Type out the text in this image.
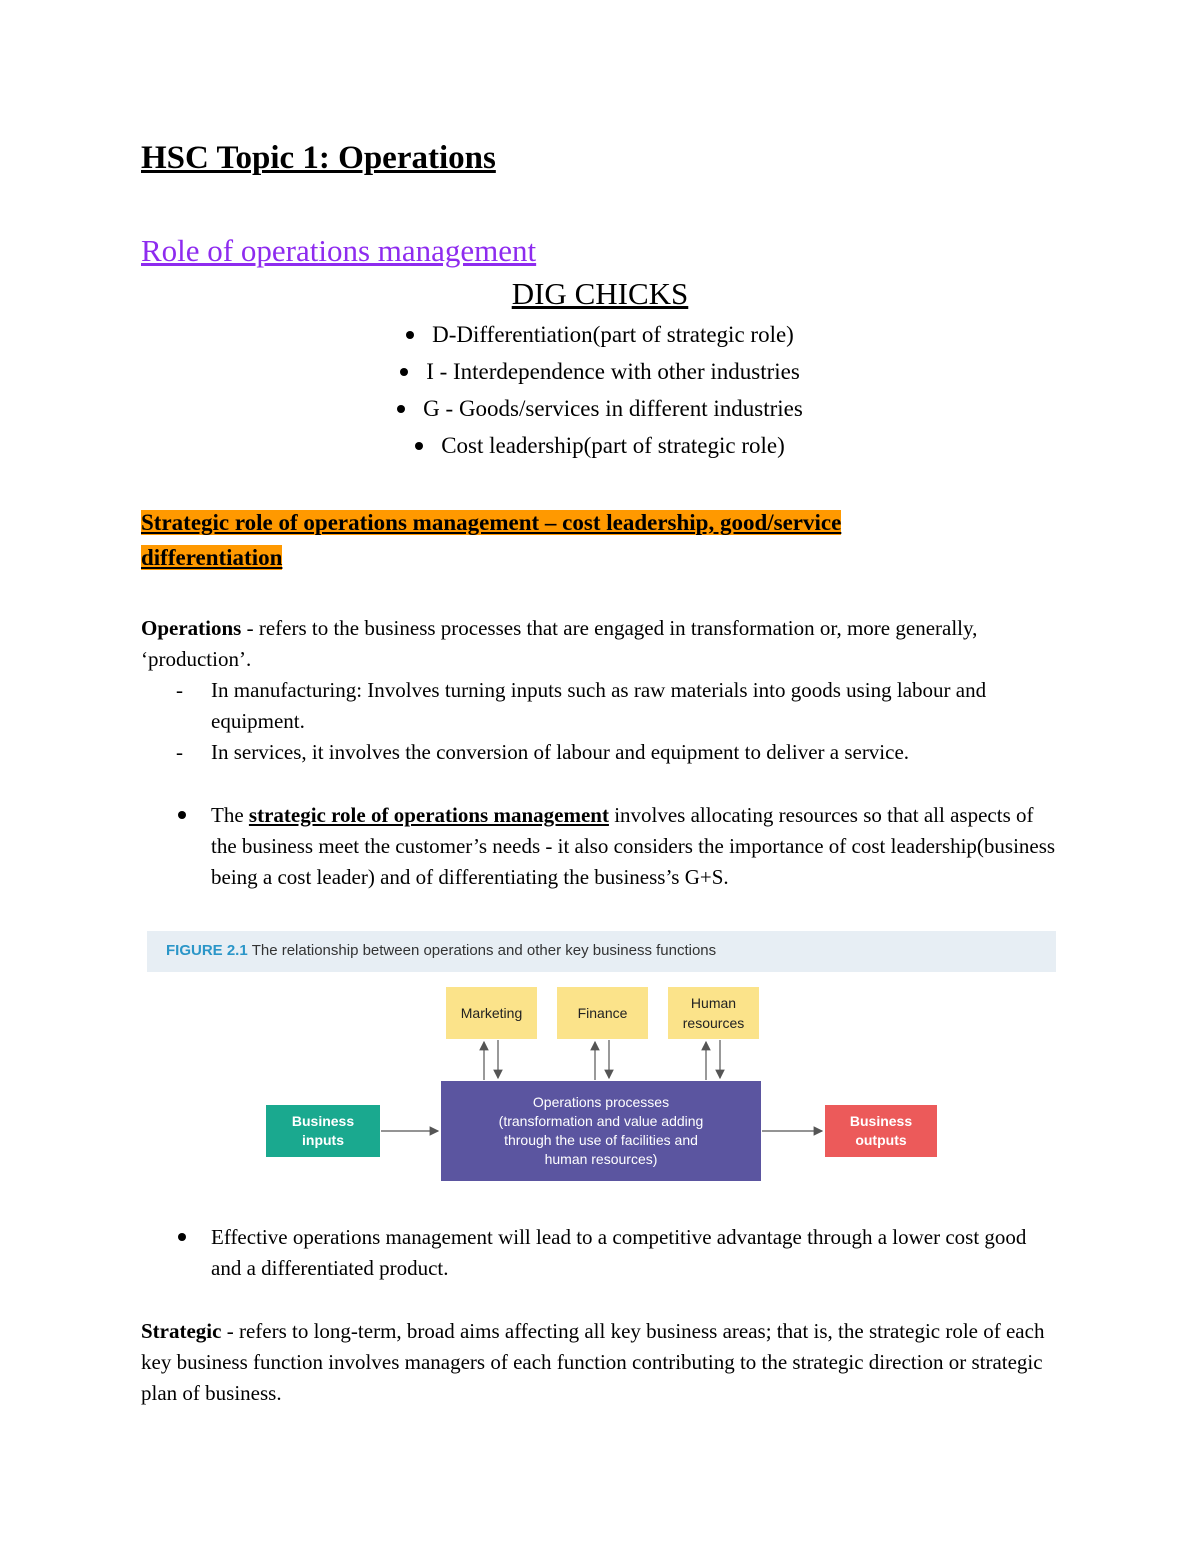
HSC Topic 1: Operations
Role of operations management
DIG CHICKS
D-Differentiation(part of strategic role)
I - Interdependence with other industries
G - Goods/services in different industries
Cost leadership(part of strategic role)
Strategic role of operations management – cost leadership, good/service
differentiation
Operations - refers to the business processes that are engaged in transformation or, more generally, ‘production’.
- In manufacturing: Involves turning inputs such as raw materials into goods using labour and equipment.
- In services, it involves the conversion of labour and equipment to deliver a service.
The strategic role of operations management involves allocating resources so that all aspects of the business meet the customer’s needs - it also considers the importance of cost leadership(business being a cost leader) and of differentiating the business’s G+S.
FIGURE 2.1 The relationship between operations and other key business functions
Marketing	Finance
Human
resources
Operations processes
(transformation and value adding
through the use of facilities and
human resources)
Business
inputs
Business
outputs
Effective operations management will lead to a competitive advantage through a lower cost good and a differentiated product.
Strategic - refers to long-term, broad aims affecting all key business areas; that is, the strategic role of each key business function involves managers of each function contributing to the strategic direction or strategic plan of business.
